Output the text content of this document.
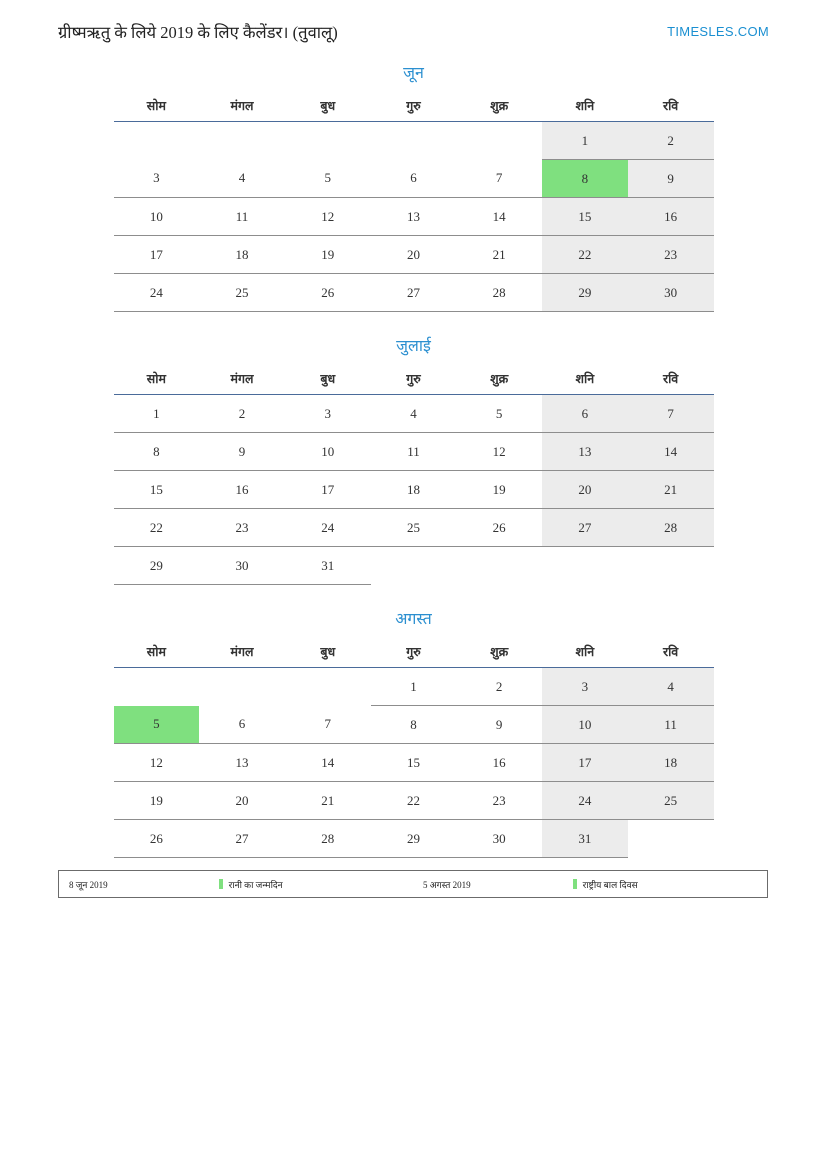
ग्रीष्मऋतु के लिये 2019 के लिए कैलेंडर। (तुवालू)	TIMESLES.COM
जून
सोम	मंगल	बुध	गुरु	शुक्र	शनि	रवि
					1	2
3	4	5	6	7	8	9
10	11	12	13	14	15	16
17	18	19	20	21	22	23
24	25	26	27	28	29	30
जुलाई
सोम	मंगल	बुध	गुरु	शुक्र	शनि	रवि
1	2	3	4	5	6	7
8	9	10	11	12	13	14
15	16	17	18	19	20	21
22	23	24	25	26	27	28
29	30	31				
अगस्त
सोम	मंगल	बुध	गुरु	शुक्र	शनि	रवि
			1	2	3	4
5	6	7	8	9	10	11
12	13	14	15	16	17	18
19	20	21	22	23	24	25
26	27	28	29	30	31	
8 जून 2019	रानी का जन्मदिन	5 अगस्त 2019	राष्ट्रीय बाल दिवस
